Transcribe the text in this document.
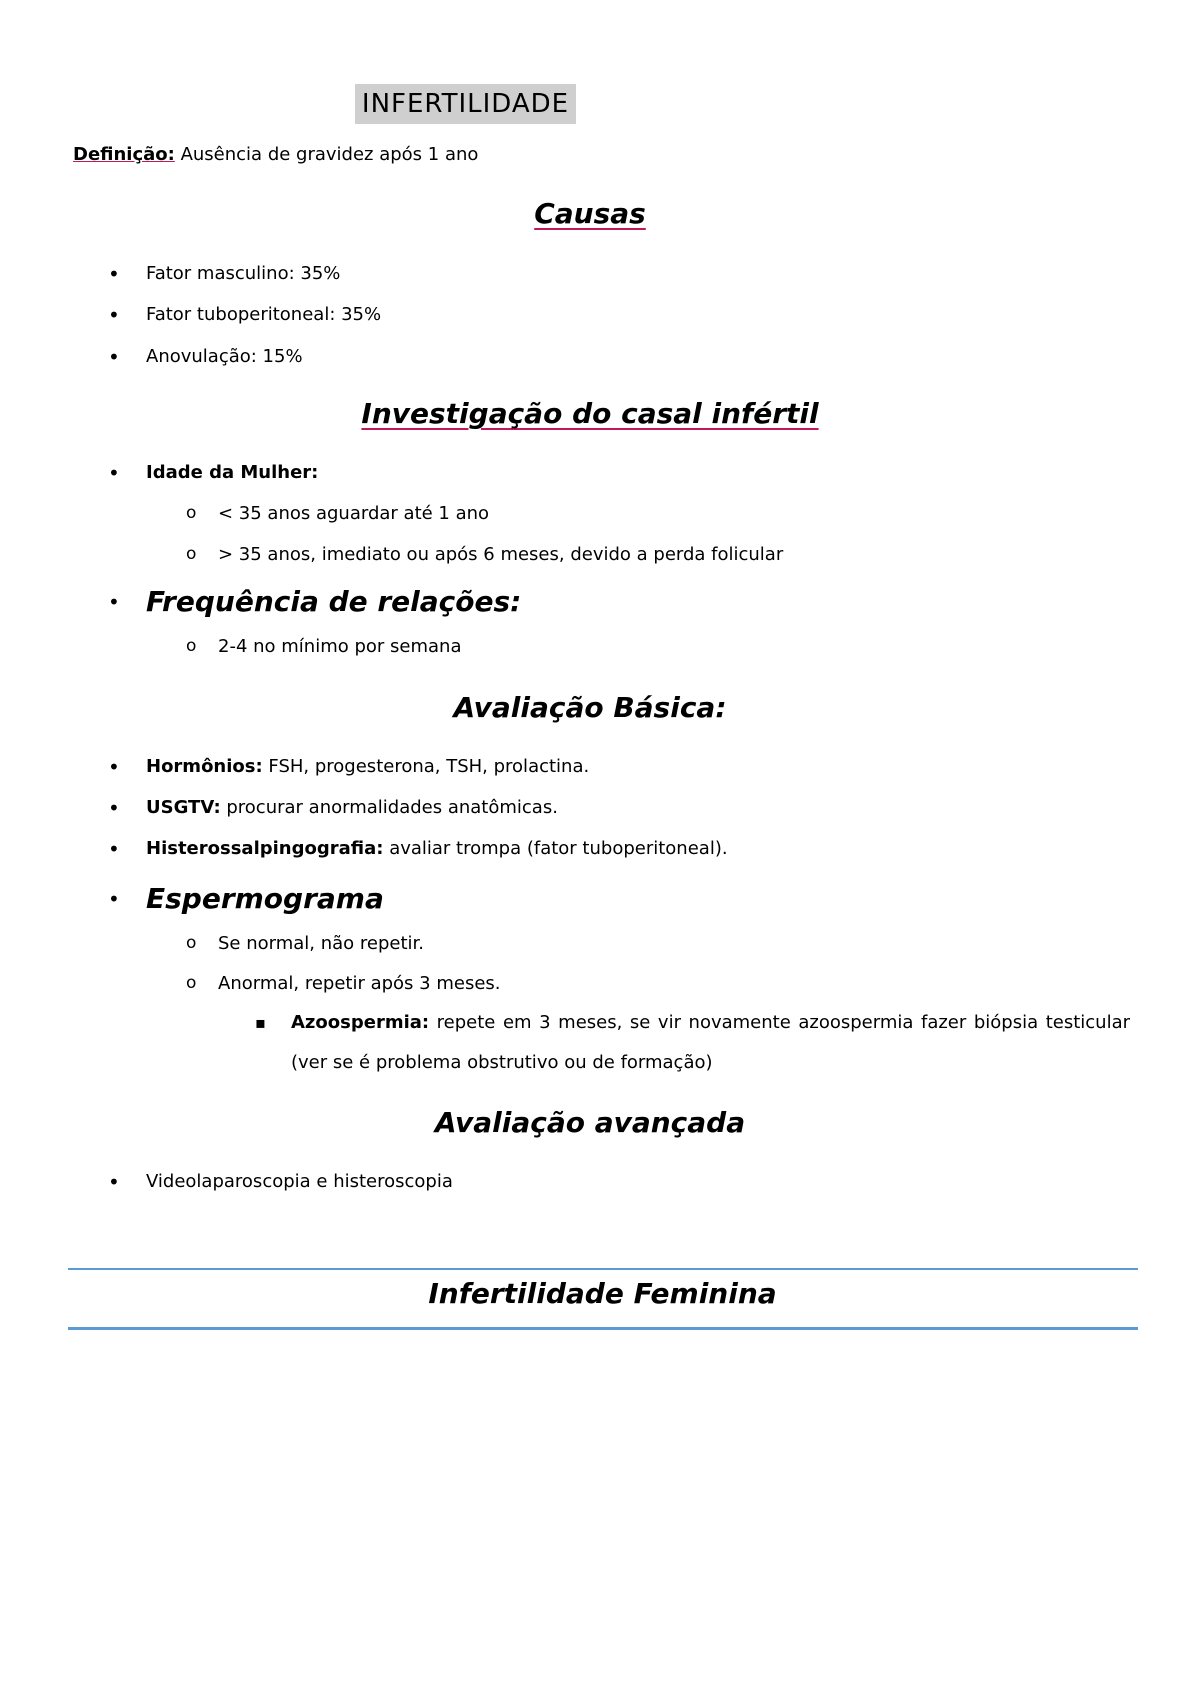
INFERTILIDADE
Definição: Ausência de gravidez após 1 ano
Causas
Fator masculino: 35%
Fator tuboperitoneal: 35%
Anovulação: 15%
Investigação do casal infértil
Idade da Mulher:
< 35 anos aguardar até 1 ano
> 35 anos, imediato ou após 6 meses, devido a perda folicular
Frequência de relações:
2-4 no mínimo por semana
Avaliação Básica:
Hormônios: FSH, progesterona, TSH, prolactina.
USGTV: procurar anormalidades anatômicas.
Histerossalpingografia: avaliar trompa (fator tuboperitoneal).
Espermograma
Se normal, não repetir.
Anormal, repetir após 3 meses.
▪ Azoospermia: repete em 3 meses, se vir novamente azoospermia fazer biópsia testicular (ver se é problema obstrutivo ou de formação)
Avaliação avançada
Videolaparoscopia e histeroscopia
Infertilidade Feminina
